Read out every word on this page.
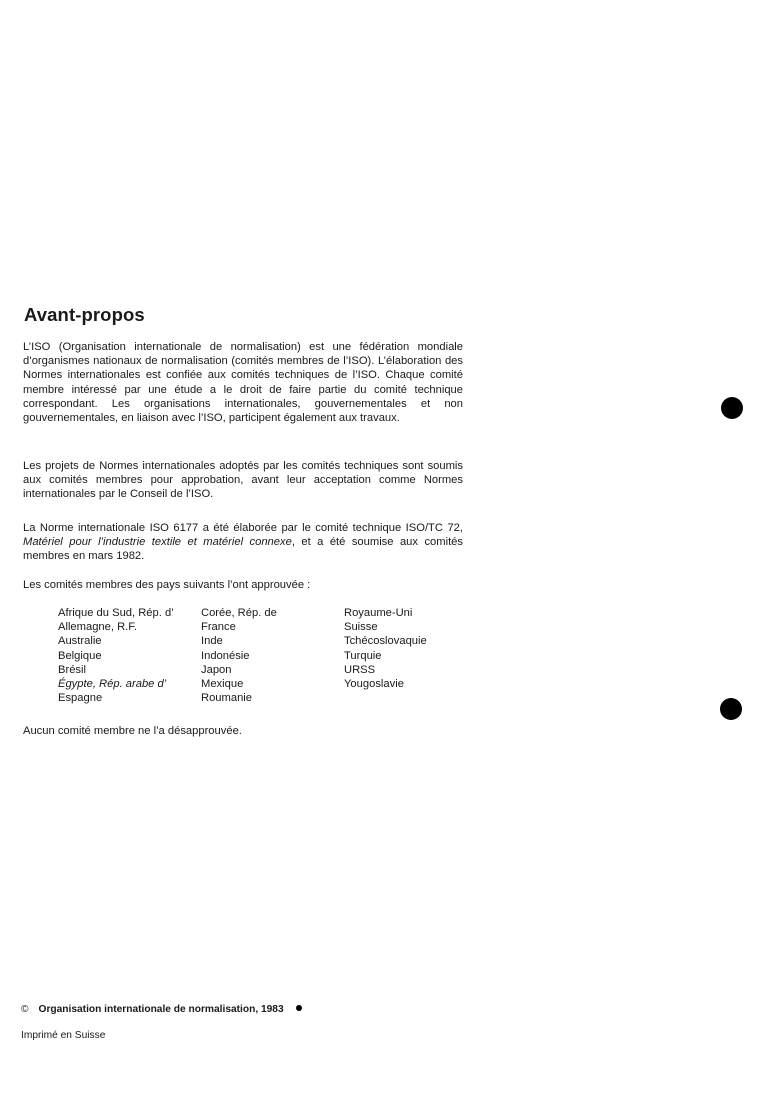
Avant-propos

L’ISO (Organisation internationale de normalisation) est une fédération mondiale d’organismes nationaux de normalisation (comités membres de l’ISO). L’élaboration des Normes internationales est confiée aux comités techniques de l’ISO. Chaque comité membre intéressé par une étude a le droit de faire partie du comité technique correspondant. Les organisations internationales, gouvernementales et non gouvernementales, en liaison avec l’ISO, participent également aux travaux.

Les projets de Normes internationales adoptés par les comités techniques sont soumis aux comités membres pour approbation, avant leur acceptation comme Normes internationales par le Conseil de l’ISO.

La Norme internationale ISO 6177 a été élaborée par le comité technique ISO/TC 72, Matériel pour l’industrie textile et matériel connexe, et a été soumise aux comités membres en mars 1982.

Les comités membres des pays suivants l’ont approuvée :

Afrique du Sud, Rép. d’
Allemagne, R.F.
Australie
Belgique
Brésil
Égypte, Rép. arabe d’
Espagne
Corée, Rép. de
France
Inde
Indonésie
Japon
Mexique
Roumanie
Royaume-Uni
Suisse
Tchécoslovaquie
Turquie
URSS
Yougoslavie

Aucun comité membre ne l’a désapprouvée.

© Organisation internationale de normalisation, 1983
Imprimé en Suisse
